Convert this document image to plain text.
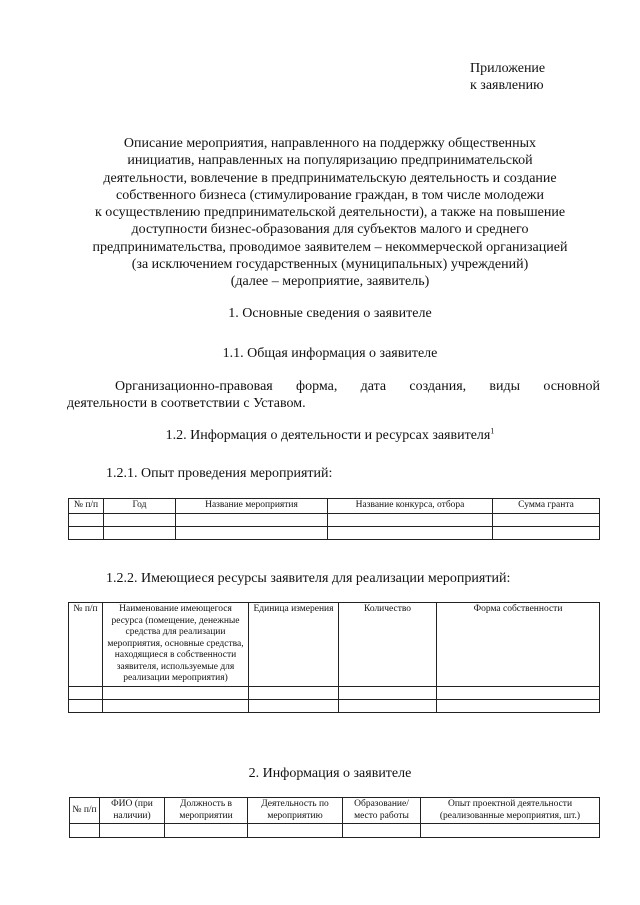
Приложение
к заявлению
Описание мероприятия, направленного на поддержку общественных
инициатив, направленных на популяризацию предпринимательской
деятельности, вовлечение в предпринимательскую деятельность и создание
собственного бизнеса (стимулирование граждан, в том числе молодежи
к осуществлению предпринимательской деятельности), а также на повышение
доступности бизнес-образования для субъектов малого и среднего
предпринимательства, проводимое заявителем – некоммерческой организацией
(за исключением государственных (муниципальных) учреждений)
(далее – мероприятие, заявитель)
1. Основные сведения о заявителе
1.1. Общая информация о заявителе
Организационно-правовая форма, дата создания, виды основной
деятельности в соответствии с Уставом.
1.2. Информация о деятельности и ресурсах заявителя$^1$
1.2.1. Опыт проведения мероприятий:
№ п/п	Год	Название мероприятия	Название конкурса, отбора	Сумма гранта

1.2.2. Имеющиеся ресурсы заявителя для реализации мероприятий:
№ п/п	Наименование имеющегося ресурса (помещение, денежные средства для реализации мероприятия, основные средства, находящиеся в собственности заявителя, используемые для реализации мероприятия)	Единица измерения	Количество	Форма собственности

2. Информация о заявителе
№ п/п	ФИО (при наличии)	Должность в мероприятии	Деятельность по мероприятию	Образование/ место работы	Опыт проектной деятельности (реализованные мероприятия, шт.)
